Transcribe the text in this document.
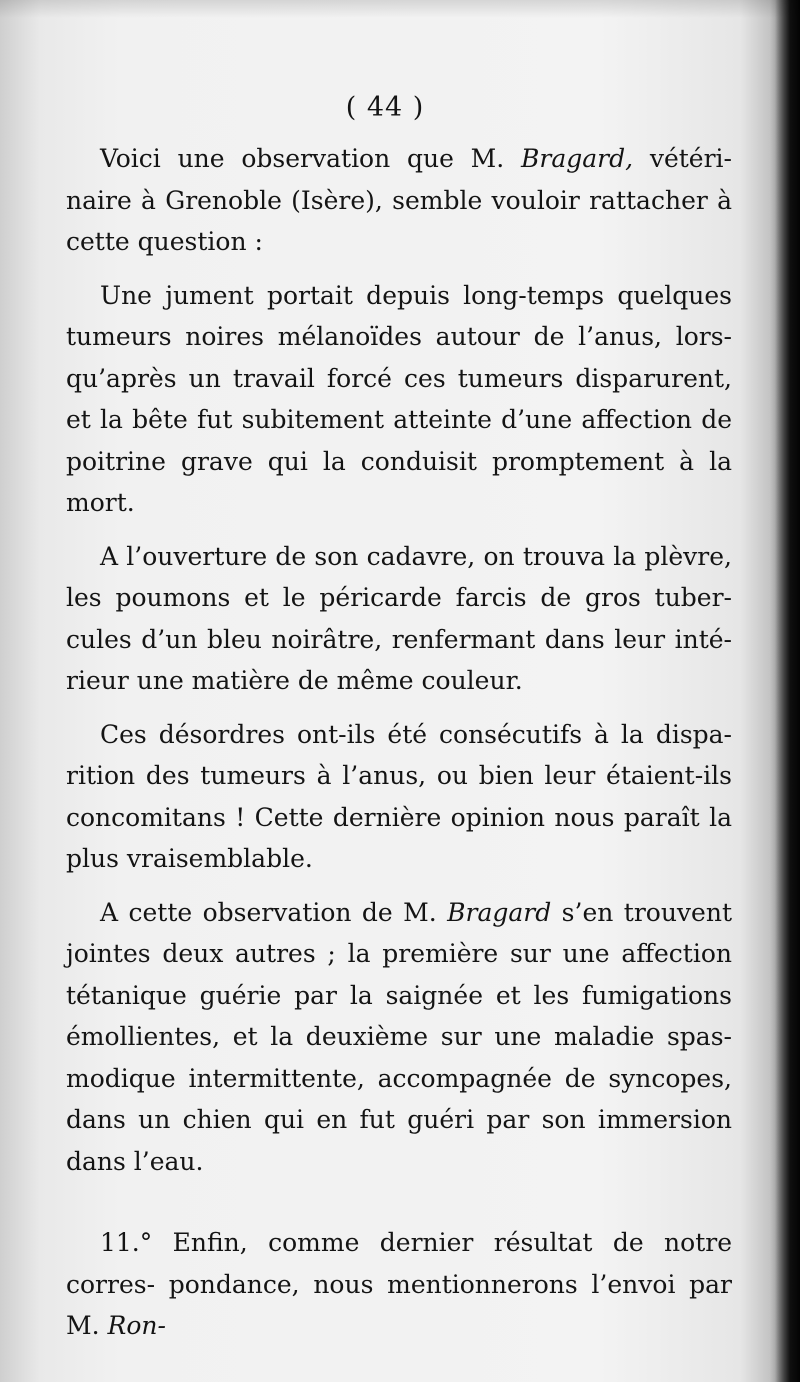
( 44 )

Voici une observation que M. Bragard, vétéri- naire à Grenoble (Isère), semble vouloir rattacher à cette question :

Une jument portait depuis long-temps quelques tumeurs noires mélanoïdes autour de l’anus, lors- qu’après un travail forcé ces tumeurs disparurent, et la bête fut subitement atteinte d’une affection de poitrine grave qui la conduisit promptement à la mort.

A l’ouverture de son cadavre, on trouva la plèvre, les poumons et le péricarde farcis de gros tuber- cules d’un bleu noirâtre, renfermant dans leur inté- rieur une matière de même couleur.

Ces désordres ont-ils été consécutifs à la dispa- rition des tumeurs à l’anus, ou bien leur étaient-ils concomitans ! Cette dernière opinion nous paraît la plus vraisemblable.

A cette observation de M. Bragard s’en trouvent jointes deux autres ; la première sur une affection tétanique guérie par la saignée et les fumigations émollientes, et la deuxième sur une maladie spas- modique intermittente, accompagnée de syncopes, dans un chien qui en fut guéri par son immersion dans l’eau.

11.° Enfin, comme dernier résultat de notre corres- pondance, nous mentionnerons l’envoi par M. Ron-
